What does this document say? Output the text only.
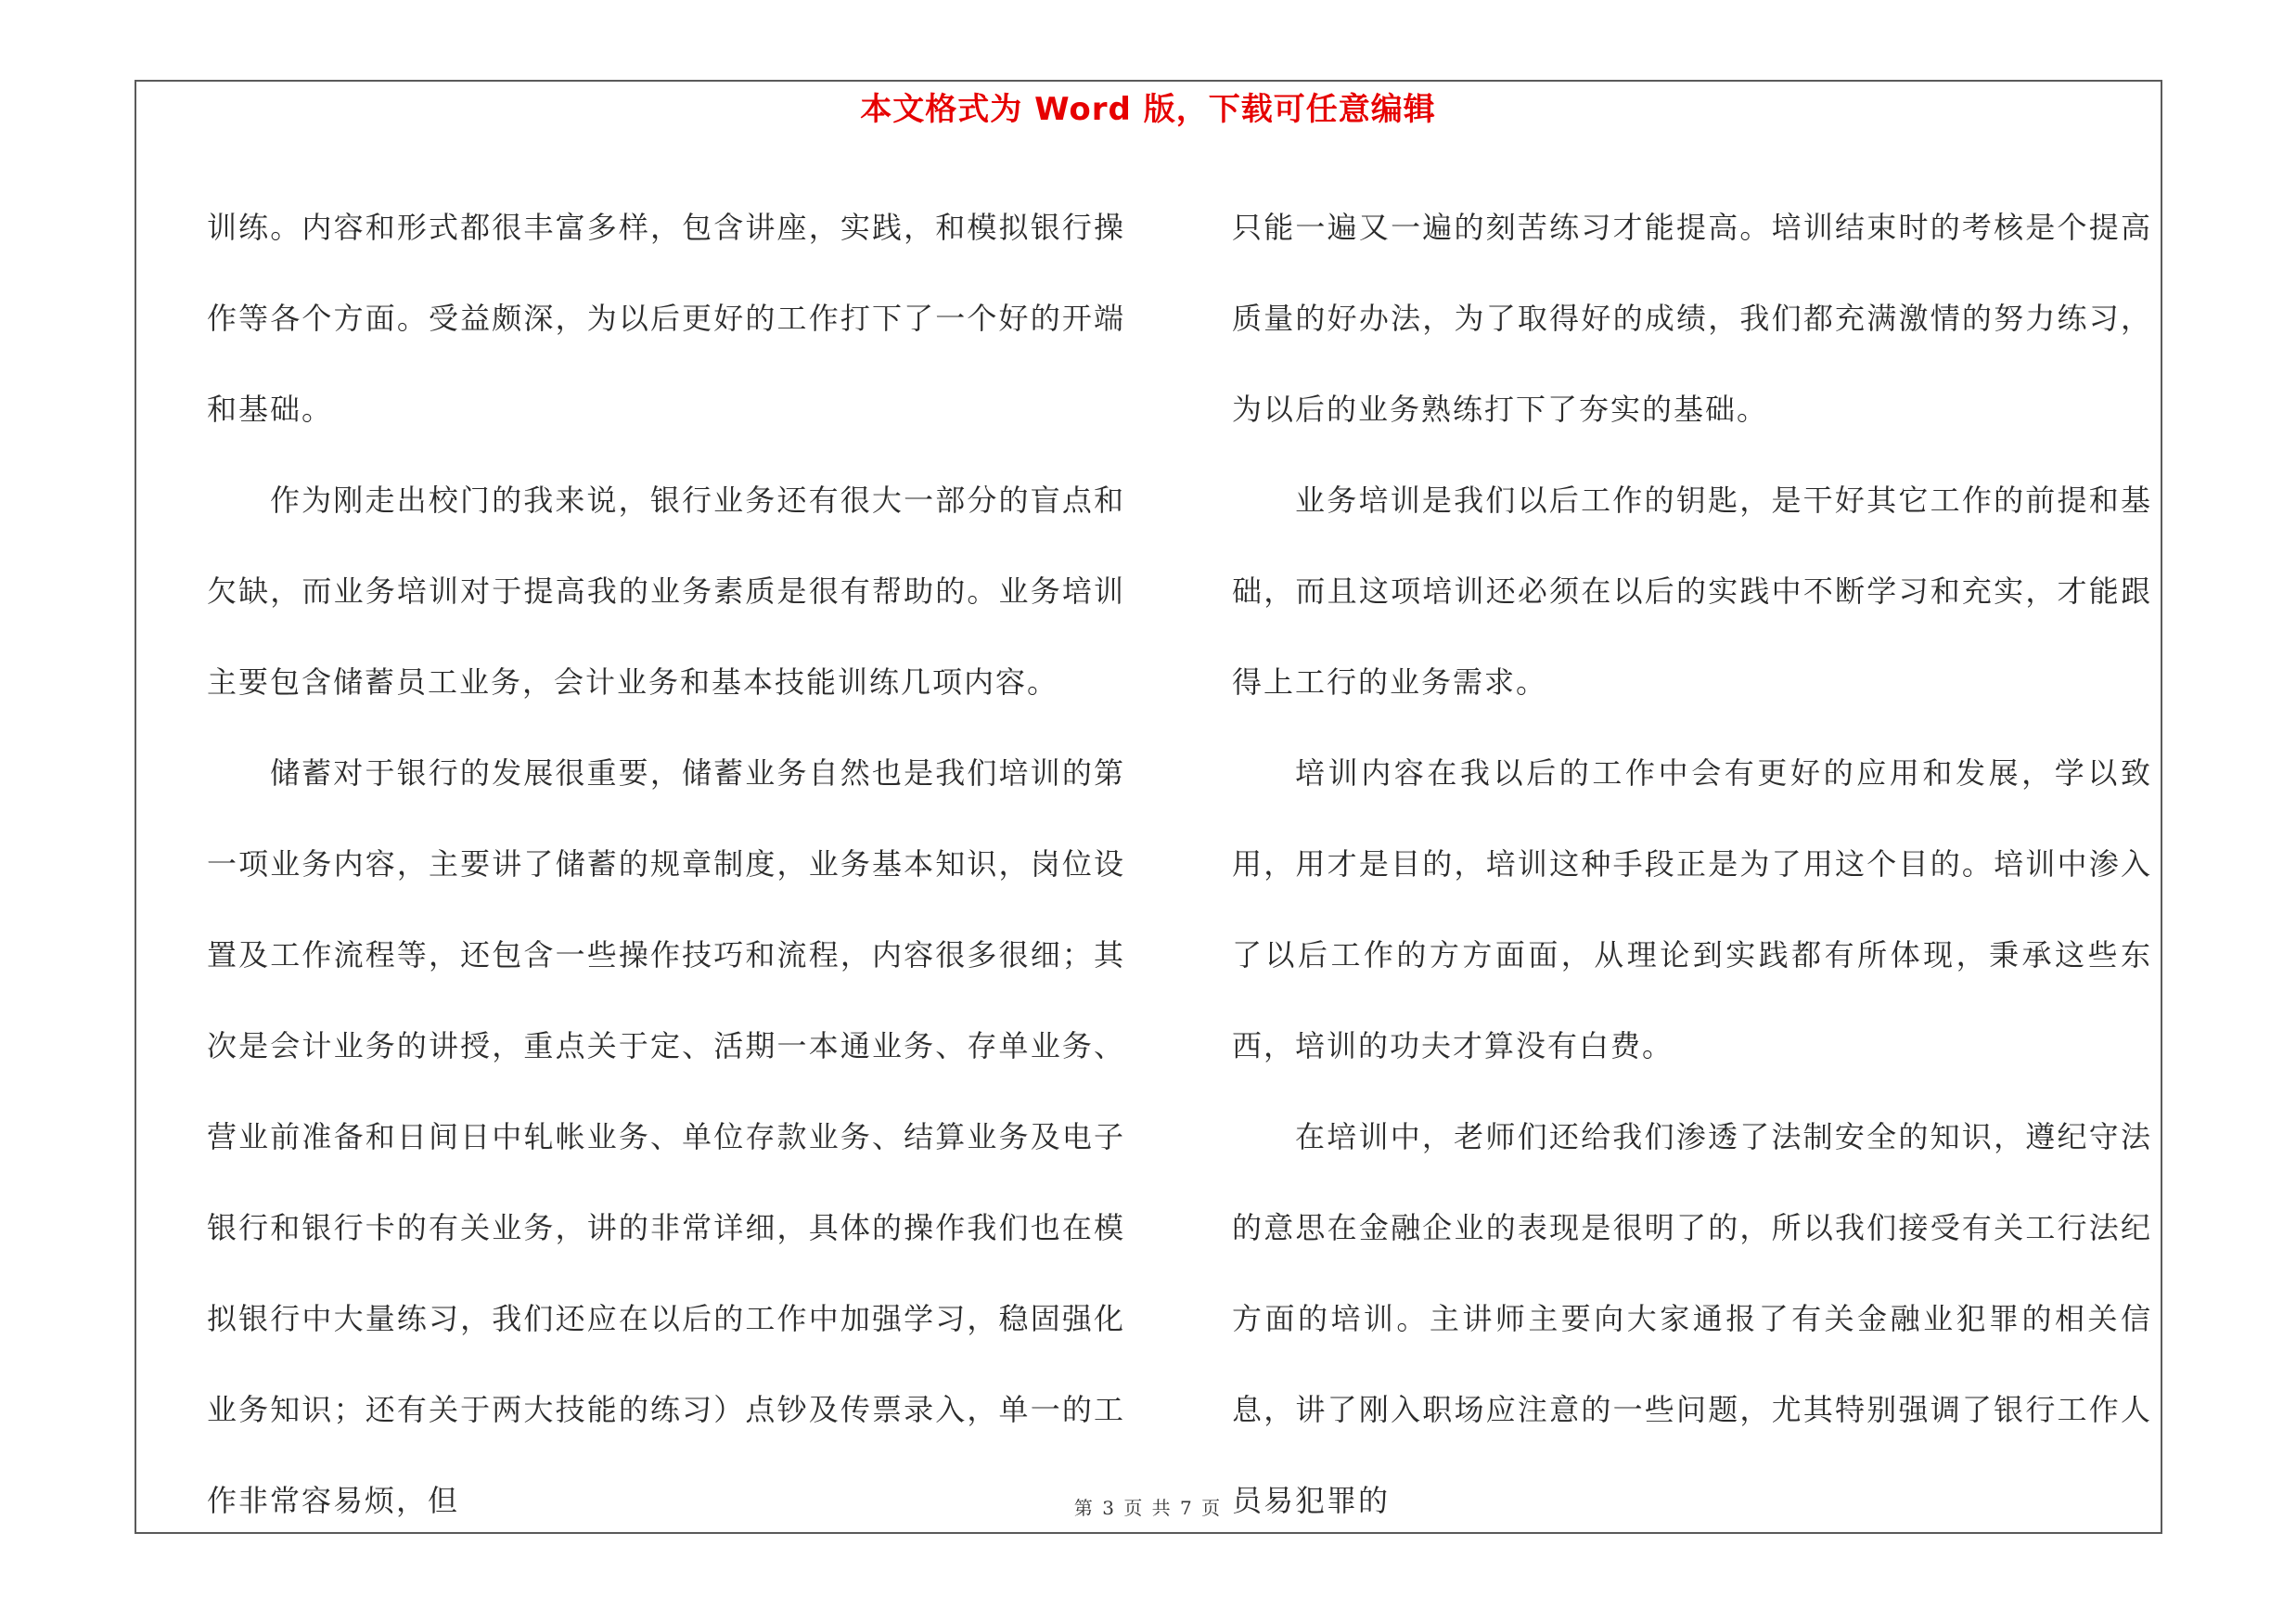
本文格式为 Word 版，下载可任意编辑

训练。内容和形式都很丰富多样，包含讲座，实践，和模拟银行操作等各个方面。受益颇深，为以后更好的工作打下了一个好的开端和基础。

作为刚走出校门的我来说，银行业务还有很大一部分的盲点和欠缺，而业务培训对于提高我的业务素质是很有帮助的。业务培训主要包含储蓄员工业务，会计业务和基本技能训练几项内容。

储蓄对于银行的发展很重要，储蓄业务自然也是我们培训的第一项业务内容，主要讲了储蓄的规章制度，业务基本知识，岗位设置及工作流程等，还包含一些操作技巧和流程，内容很多很细；其次是会计业务的讲授，重点关于定、活期一本通业务、存单业务、营业前准备和日间日中轧帐业务、单位存款业务、结算业务及电子银行和银行卡的有关业务，讲的非常详细，具体的操作我们也在模拟银行中大量练习，我们还应在以后的工作中加强学习，稳固强化业务知识；还有关于两大技能的练习）点钞及传票录入，单一的工作非常容易烦，但

只能一遍又一遍的刻苦练习才能提高。培训结束时的考核是个提高质量的好办法，为了取得好的成绩，我们都充满激情的努力练习，为以后的业务熟练打下了夯实的基础。

业务培训是我们以后工作的钥匙，是干好其它工作的前提和基础，而且这项培训还必须在以后的实践中不断学习和充实，才能跟得上工行的业务需求。

培训内容在我以后的工作中会有更好的应用和发展，学以致用，用才是目的，培训这种手段正是为了用这个目的。培训中渗入了以后工作的方方面面，从理论到实践都有所体现，秉承这些东西，培训的功夫才算没有白费。

在培训中，老师们还给我们渗透了法制安全的知识，遵纪守法的意思在金融企业的表现是很明了的，所以我们接受有关工行法纪方面的培训。主讲师主要向大家通报了有关金融业犯罪的相关信息，讲了刚入职场应注意的一些问题，尤其特别强调了银行工作人员易犯罪的

第 3 页 共 7 页
